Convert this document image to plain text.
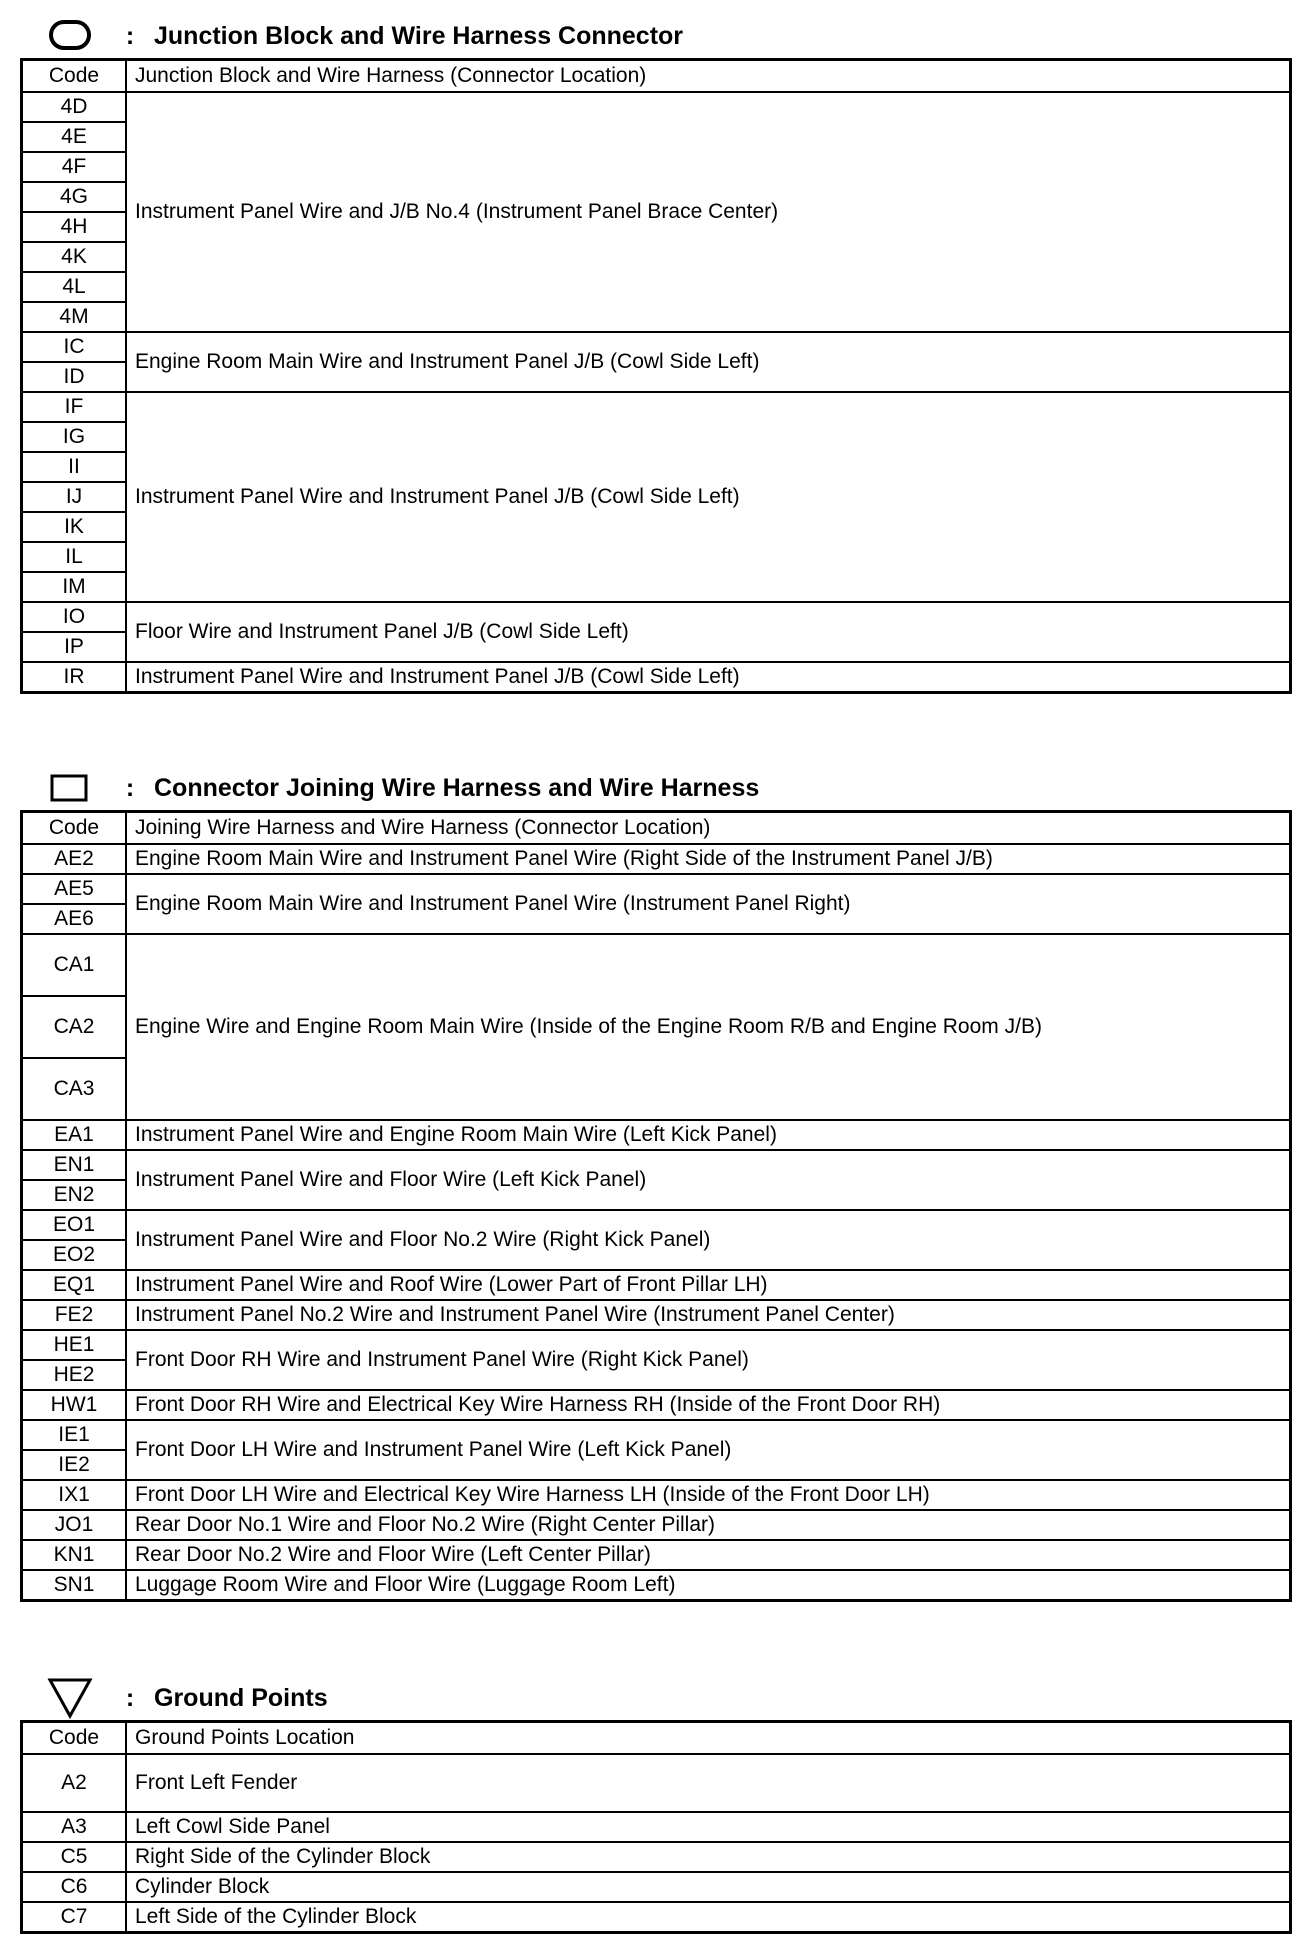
: Junction Block and Wire Harness Connector
Code	Junction Block and Wire Harness (Connector Location)
4D	Instrument Panel Wire and J/B No.4 (Instrument Panel Brace Center)
4E	
4F	
4G	
4H	
4K	
4L	
4M	
IC	Engine Room Main Wire and Instrument Panel J/B (Cowl Side Left)
ID	
IF	Instrument Panel Wire and Instrument Panel J/B (Cowl Side Left)
IG	
II	
IJ	
IK	
IL	
IM	
IO	Floor Wire and Instrument Panel J/B (Cowl Side Left)
IP	
IR	Instrument Panel Wire and Instrument Panel J/B (Cowl Side Left)
: Connector Joining Wire Harness and Wire Harness
Code	Joining Wire Harness and Wire Harness (Connector Location)
AE2	Engine Room Main Wire and Instrument Panel Wire (Right Side of the Instrument Panel J/B)
AE5	Engine Room Main Wire and Instrument Panel Wire (Instrument Panel Right)
AE6	
CA1	Engine Wire and Engine Room Main Wire (Inside of the Engine Room R/B and Engine Room J/B)
CA2	
CA3	
EA1	Instrument Panel Wire and Engine Room Main Wire (Left Kick Panel)
EN1	Instrument Panel Wire and Floor Wire (Left Kick Panel)
EN2	
EO1	Instrument Panel Wire and Floor No.2 Wire (Right Kick Panel)
EO2	
EQ1	Instrument Panel Wire and Roof Wire (Lower Part of Front Pillar LH)
FE2	Instrument Panel No.2 Wire and Instrument Panel Wire (Instrument Panel Center)
HE1	Front Door RH Wire and Instrument Panel Wire (Right Kick Panel)
HE2	
HW1	Front Door RH Wire and Electrical Key Wire Harness RH (Inside of the Front Door RH)
IE1	Front Door LH Wire and Instrument Panel Wire (Left Kick Panel)
IE2	
IX1	Front Door LH Wire and Electrical Key Wire Harness LH (Inside of the Front Door LH)
JO1	Rear Door No.1 Wire and Floor No.2 Wire (Right Center Pillar)
KN1	Rear Door No.2 Wire and Floor Wire (Left Center Pillar)
SN1	Luggage Room Wire and Floor Wire (Luggage Room Left)
: Ground Points
Code	Ground Points Location
A2	Front Left Fender
A3	Left Cowl Side Panel
C5	Right Side of the Cylinder Block
C6	Cylinder Block
C7	Left Side of the Cylinder Block
